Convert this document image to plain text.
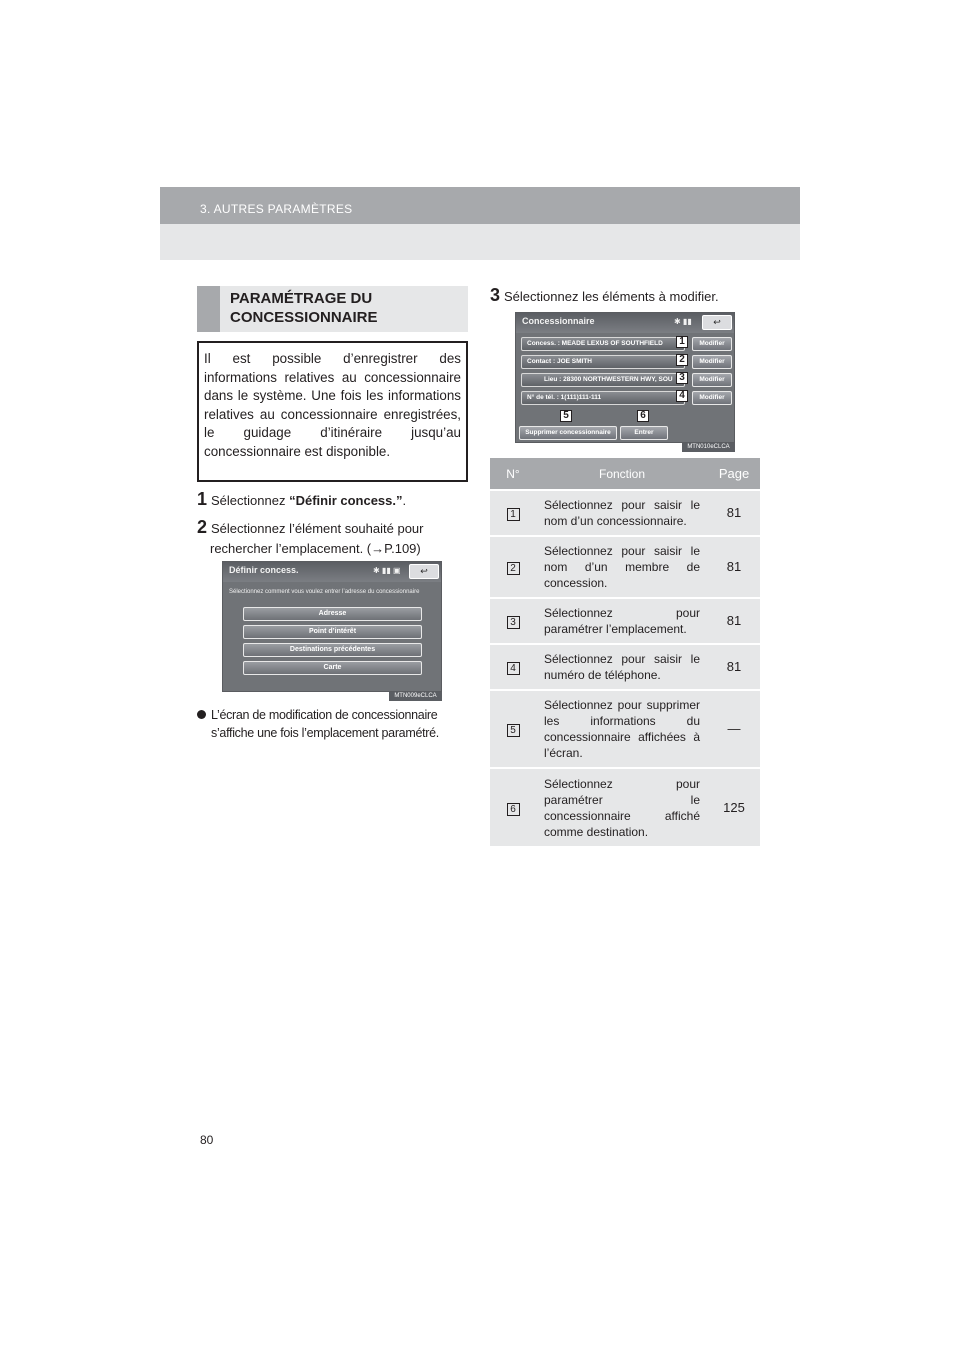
3. AUTRES PARAMÈTRES
PARAMÉTRAGE DU CONCESSIONNAIRE
Il est possible d’enregistrer des informations relatives au concessionnaire dans le système. Une fois les informations relatives au concessionnaire enregistrées, le guidage d’itinéraire jusqu’au concessionnaire est disponible.
1 Sélectionnez “Définir concess.”.
2 Sélectionnez l’élément souhaité pour
rechercher l’emplacement. (→P.109)
Définir concess.	✱ ▮▮ ▣	↩
Sélectionnez comment vous voulez entrer l’adresse du concessionnaire
Adresse
Point d’intérêt
Destinations précédentes
Carte
MTN009eCLCA
L’écran de modification de concessionnaire
s’affiche une fois l’emplacement paramétré.
3 Sélectionnez les éléments à modifier.
Concessionnaire	✱ ▮▮	↩
Concess. : MEADE LEXUS OF SOUTHFIELD	Modifier
Contact : JOE SMITH	Modifier
Lieu : 28300 NORTHWESTERN HWY, SOU	Modifier
N° de tél. : 1(111)111-111	Modifier
Supprimer concessionnaire	Entrer
1
2
3
4
5	6
MTN010eCLCA
N°	Fonction	Page
1	Sélectionnez pour saisir le nom d’un concessionnaire.	81
2	Sélectionnez pour saisir le nom d’un membre de concession.	81
3	Sélectionnez pour paramétrer l’emplacement.	81
4	Sélectionnez pour saisir le numéro de téléphone.	81
5	Sélectionnez pour supprimer les informations du concessionnaire affichées à l’écran.	—
6	Sélectionnez pour paramétrer le concessionnaire affiché comme destination.	125
80
